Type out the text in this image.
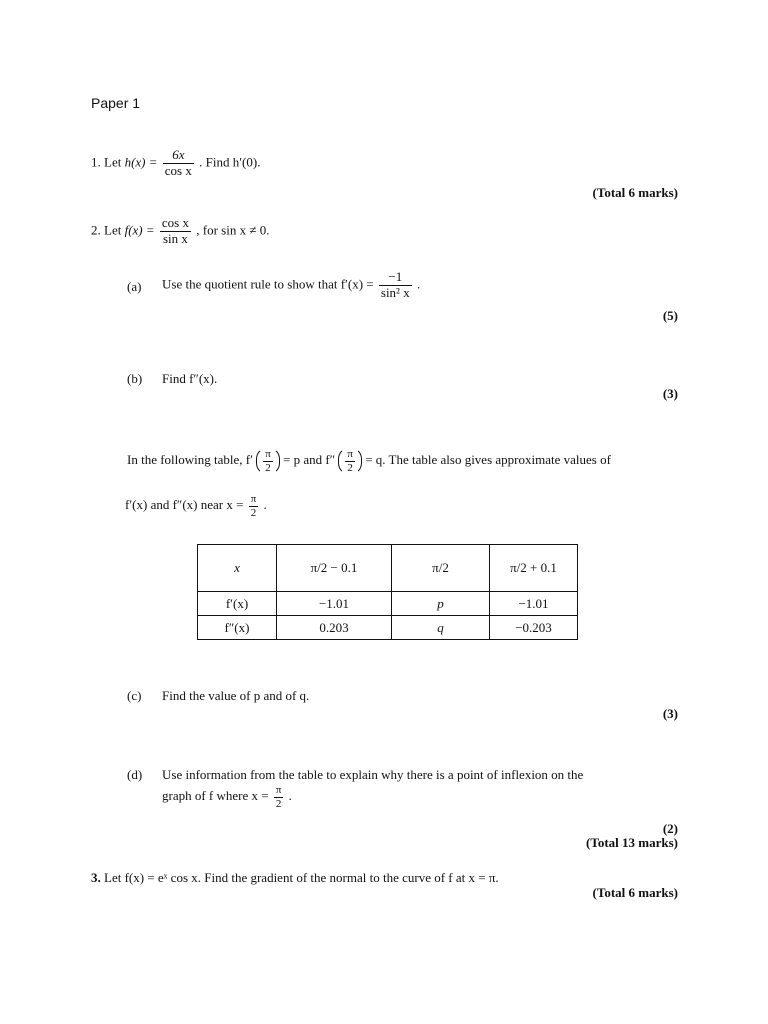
Paper 1
1. Let $h(x) = \frac{6x}{\text{cos x}}$ . Find h′(0).
(Total 6 marks)
2. Let $f(x) = \frac{\text{cos x}}{\text{sin x}}$ , for sin x ≠ 0.
(a) Use the quotient rule to show that $f'(x) = \frac{-1}{\text{sin² x}}$ .
(5)
(b) Find f″(x).
(3)
In the following table, $f' \frac{\pi}{2} = p$ and $f'' \frac{\pi}{2} = q$. The table also gives approximate values of
f′(x) and f″(x) near $x = \frac{\pi}{2}$ .
x	π/2 − 0.1	π/2	π/2 + 0.1
f′(x)	−1.01	p	−1.01
f″(x)	0.203	q	−0.203
(c) Find the value of p and of q.
(3)
(d) Use information from the table to explain why there is a point of inflexion on the
graph of f where $x = \frac{\pi}{2}$ .
(2)
(Total 13 marks)
3. Let f(x) = eˣ cos x. Find the gradient of the normal to the curve of f at x = π.
(Total 6 marks)
